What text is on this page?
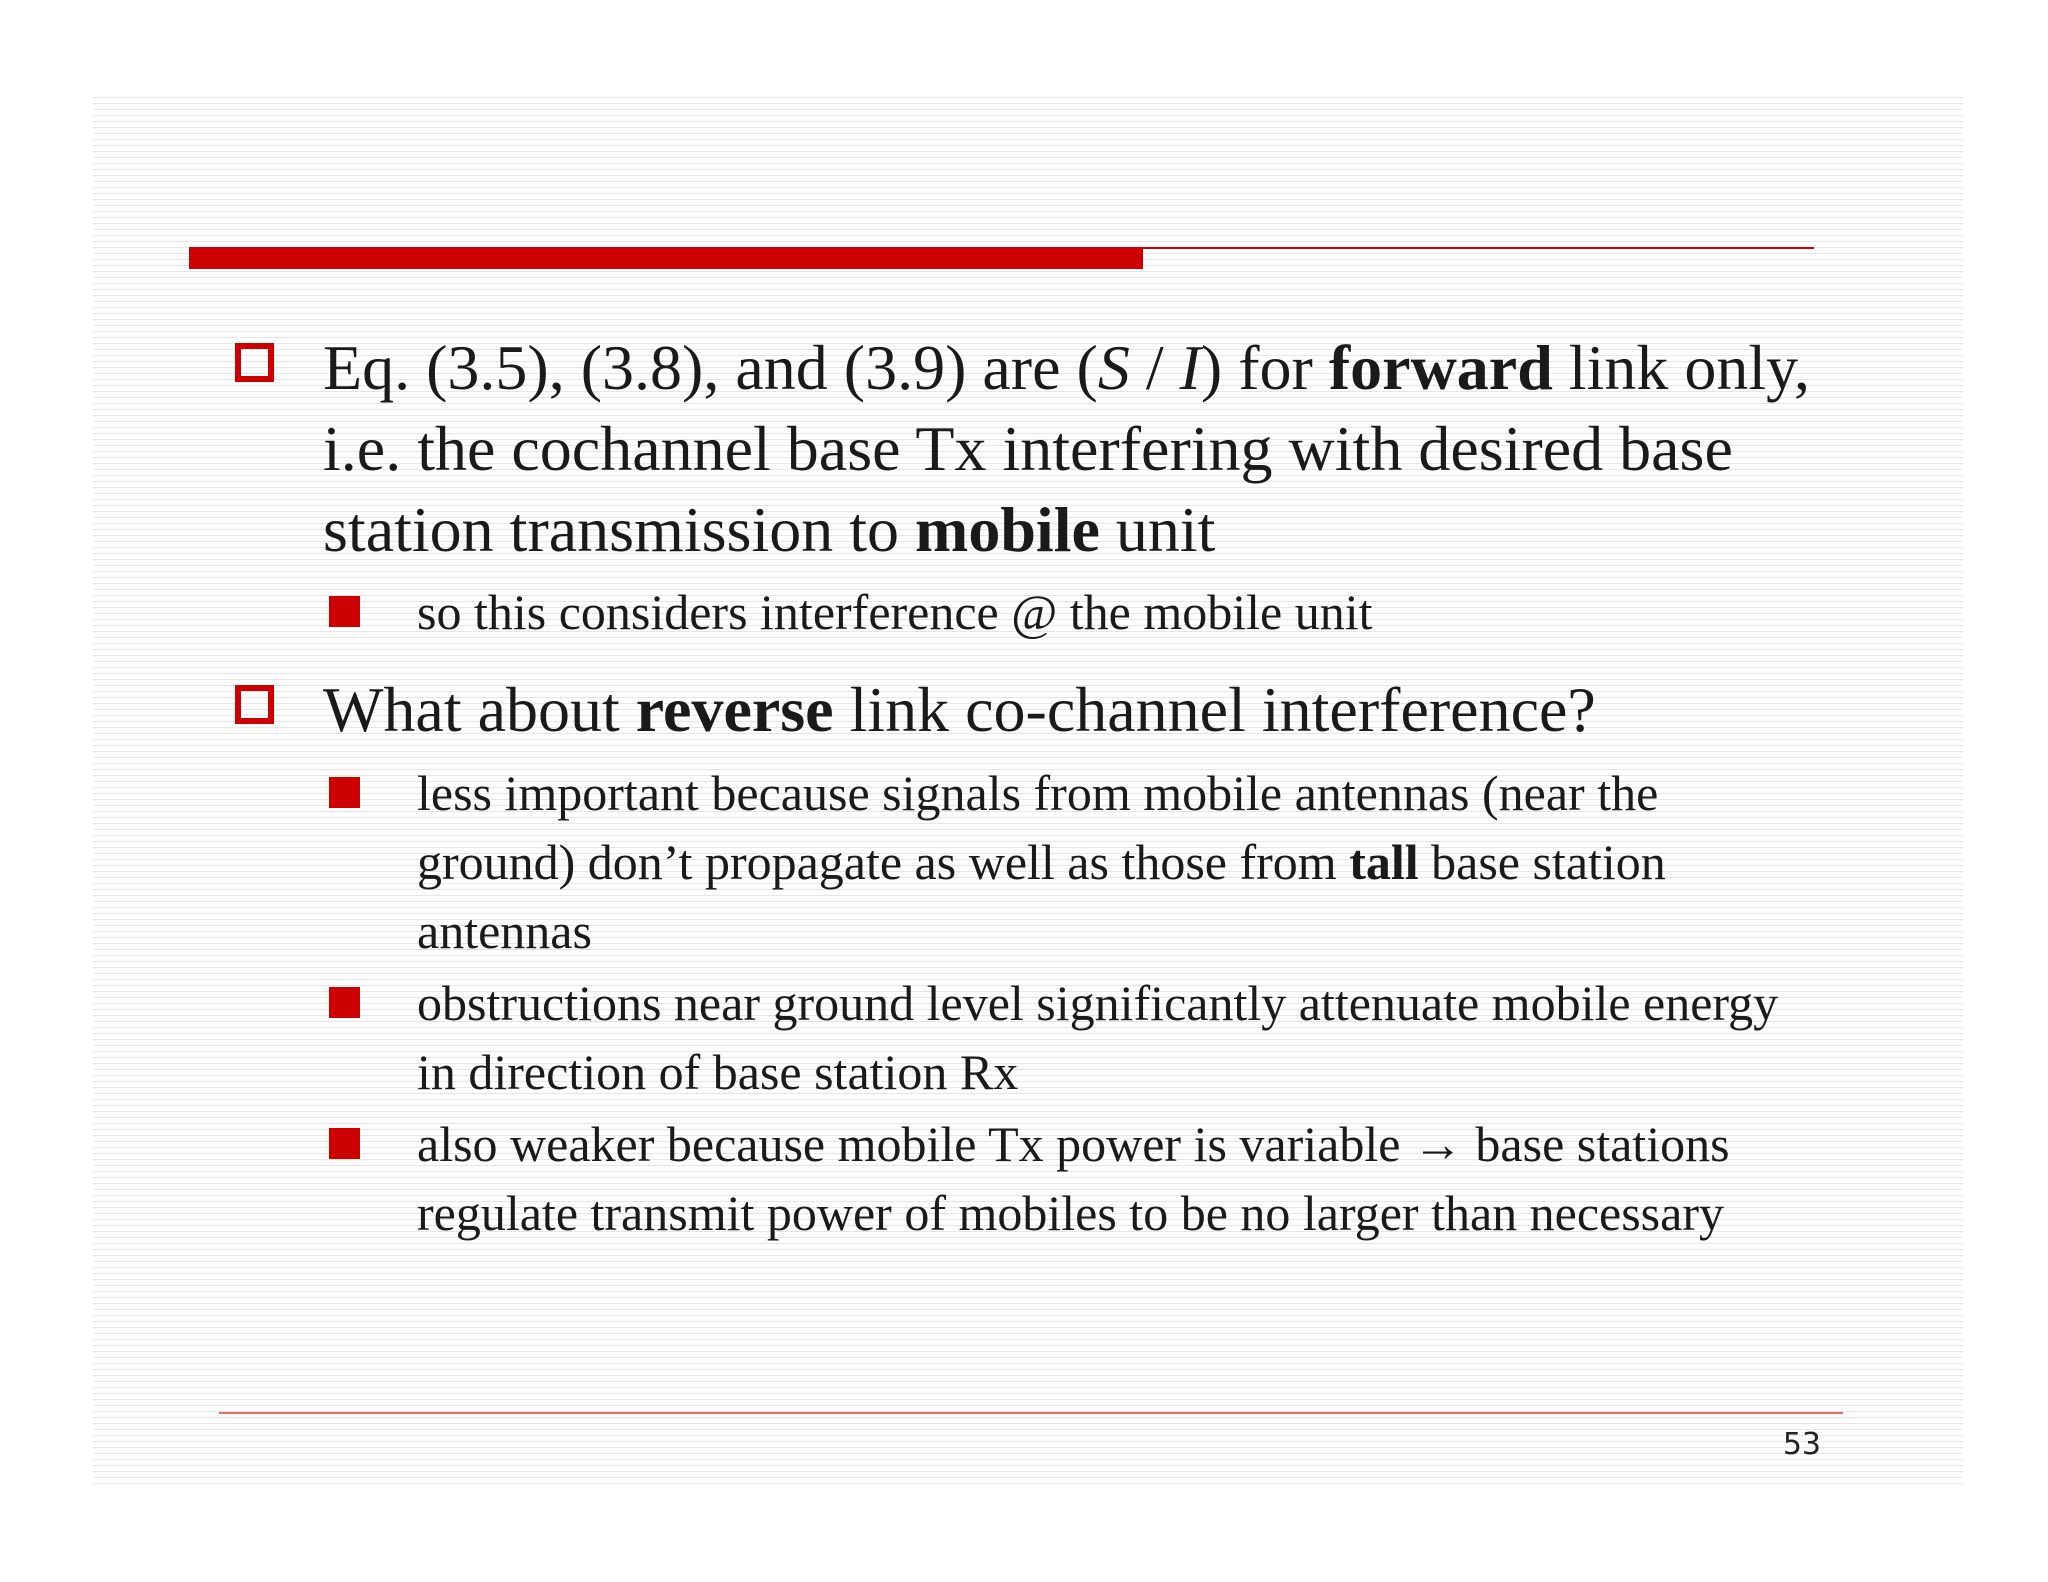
Eq. (3.5), (3.8), and (3.9) are (S / I) for forward link only, i.e. the cochannel base Tx interfering with desired base station transmission to mobile unit
so this considers interference @ the mobile unit
What about reverse link co-channel interference?
less important because signals from mobile antennas (near the ground) don’t propagate as well as those from tall base station antennas
obstructions near ground level significantly attenuate mobile energy in direction of base station Rx
also weaker because mobile Tx power is variable → base stations regulate transmit power of mobiles to be no larger than necessary
53
